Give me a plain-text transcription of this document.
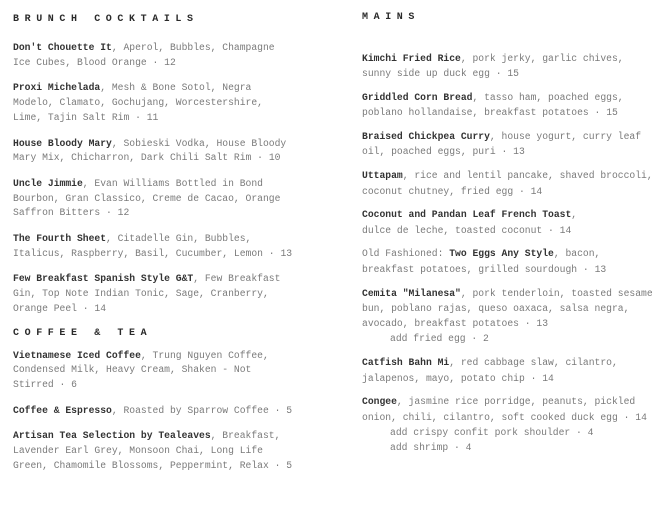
BRUNCH COCKTAILS
Don't Chouette It, Aperol, Bubbles, Champagne
Ice Cubes, Blood Orange · 12
Proxi Michelada, Mesh & Bone Sotol, Negra
Modelo, Clamato, Gochujang, Worcestershire,
Lime, Tajin Salt Rim · 11
House Bloody Mary, Sobieski Vodka, House Bloody
Mary Mix, Chicharron, Dark Chili Salt Rim · 10
Uncle Jimmie, Evan Williams Bottled in Bond
Bourbon, Gran Classico, Creme de Cacao, Orange
Saffron Bitters · 12
The Fourth Sheet, Citadelle Gin, Bubbles,
Italicus, Raspberry, Basil, Cucumber, Lemon · 13
Few Breakfast Spanish Style G&T, Few Breakfast
Gin, Top Note Indian Tonic, Sage, Cranberry,
Orange Peel · 14
COFFEE & TEA
Vietnamese Iced Coffee, Trung Nguyen Coffee,
Condensed Milk, Heavy Cream, Shaken - Not
Stirred · 6
Coffee & Espresso, Roasted by Sparrow Coffee · 5
Artisan Tea Selection by Tealeaves, Breakfast,
Lavender Earl Grey, Monsoon Chai, Long Life
Green, Chamomile Blossoms, Peppermint, Relax · 5
MAINS
Kimchi Fried Rice, pork jerky, garlic chives,
sunny side up duck egg · 15
Griddled Corn Bread, tasso ham, poached eggs,
poblano hollandaise, breakfast potatoes · 15
Braised Chickpea Curry, house yogurt, curry leaf
oil, poached eggs, puri · 13
Uttapam, rice and lentil pancake, shaved broccoli,
coconut chutney, fried egg · 14
Coconut and Pandan Leaf French Toast,
dulce de leche, toasted coconut · 14
Old Fashioned: Two Eggs Any Style, bacon,
breakfast potatoes, grilled sourdough · 13
Cemita "Milanesa", pork tenderloin, toasted sesame
bun, poblano rajas, queso oaxaca, salsa negra,
avocado, breakfast potatoes · 13
add fried egg · 2
Catfish Bahn Mi, red cabbage slaw, cilantro,
jalapenos, mayo, potato chip · 14
Congee, jasmine rice porridge, peanuts, pickled
onion, chili, cilantro, soft cooked duck egg · 14
add crispy confit pork shoulder · 4
add shrimp · 4
